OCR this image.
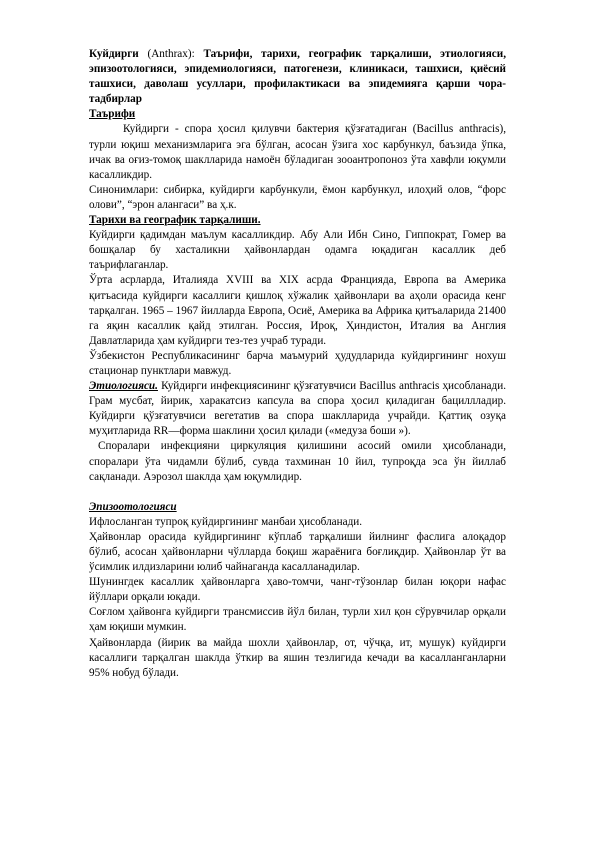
Куйдирги (Anthrax): Таърифи, тарихи, географик тарқалиши, этиологияси, эпизоотологияси, эпидемиологияси, патогенези, клиникаси, ташхиси, қиёсий ташхиси, даволаш усуллари, профилактикаси ва эпидемияга қарши чора-тадбирлар

Таърифи

Куйдирги - спора ҳосил қилувчи бактерия қўзғатадиган (Bacillus anthracis), турли юқиш механизмларига эга бўлган, асосан ўзига хос карбункул, баъзида ўпка, ичак ва оғиз-томоқ шаклларида намоён бўладиган зооантропоноз ўта хавфли юқумли касалликдир.

Синонимлари: сибирка, куйдирги карбункули, ёмон карбункул, илоҳий олов, “форс олови”, “эрон алангаси” ва ҳ.к.

Тарихи ва географик тарқалиши.

Куйдирги қадимдан маълум касалликдир. Абу Али Ибн Сино, Гиппократ, Гомер ва бошқалар бу хасталикни ҳайвонлардан одамга юқадиган касаллик деб таърифлаганлар.

Ўрта асрларда, Италияда XVIII ва XIX асрда Францияда, Европа ва Америка қитъасида куйдирги касаллиги қишлоқ хўжалик ҳайвонлари ва аҳоли орасида кенг тарқалган. 1965 – 1967 йилларда Европа, Осиё, Америка ва Африка қитъаларида 21400 га яқин касаллик қайд этилган. Россия, Ироқ, Ҳиндистон, Италия ва Англия Давлатларида ҳам куйдирги тез-тез учраб туради.

Ўзбекистон Республикасининг барча маъмурий ҳудудларида куйдиргининг нохуш стационар пунктлари мавжуд.

Этиологияси. Куйдирги инфекциясининг қўзғатувчиси Bacillus anthracis ҳисобланади. Грам мусбат, йирик, харакатсиз капсула ва спора ҳосил қиладиган бациллладир. Куйдирги қўзғатувчиси вегетатив ва спора шаклларида учрайди. Қаттиқ озуқа муҳитларида RR—форма шаклини ҳосил қилади («медуза боши »).

Споралари инфекцияни циркуляция қилишини асосий омили ҳисобланади, споралари ўта чидамли бўлиб, сувда тахминан 10 йил, тупроқда эса ўн йиллаб сақланади. Аэрозол шаклда ҳам юқумлидир.

Эпизоотологияси

Ифлосланган тупроқ куйдиргининг манбаи ҳисобланади.

Ҳайвонлар орасида куйдиргининг кўплаб тарқалиши йилнинг фаслига алоқадор бўлиб, асосан ҳайвонларни чўлларда боқиш жараёнига боғлиқдир. Ҳайвонлар ўт ва ўсимлик илдизларини юлиб чайнаганда касалланадилар.

Шунингдек касаллик ҳайвонларга ҳаво-томчи, чанг-тўзонлар билан юқори нафас йўллари орқали юқади.

Соғлом ҳайвонга куйдирги трансмиссив йўл билан, турли хил қон сўрувчилар орқали ҳам юқиши мумкин.

Ҳайвонларда (йирик ва майда шохли ҳайвонлар, от, чўчқа, ит, мушук) куйдирги касаллиги тарқалган шаклда ўткир ва яшин тезлигида кечади ва касалланганларни 95% нобуд бўлади.
